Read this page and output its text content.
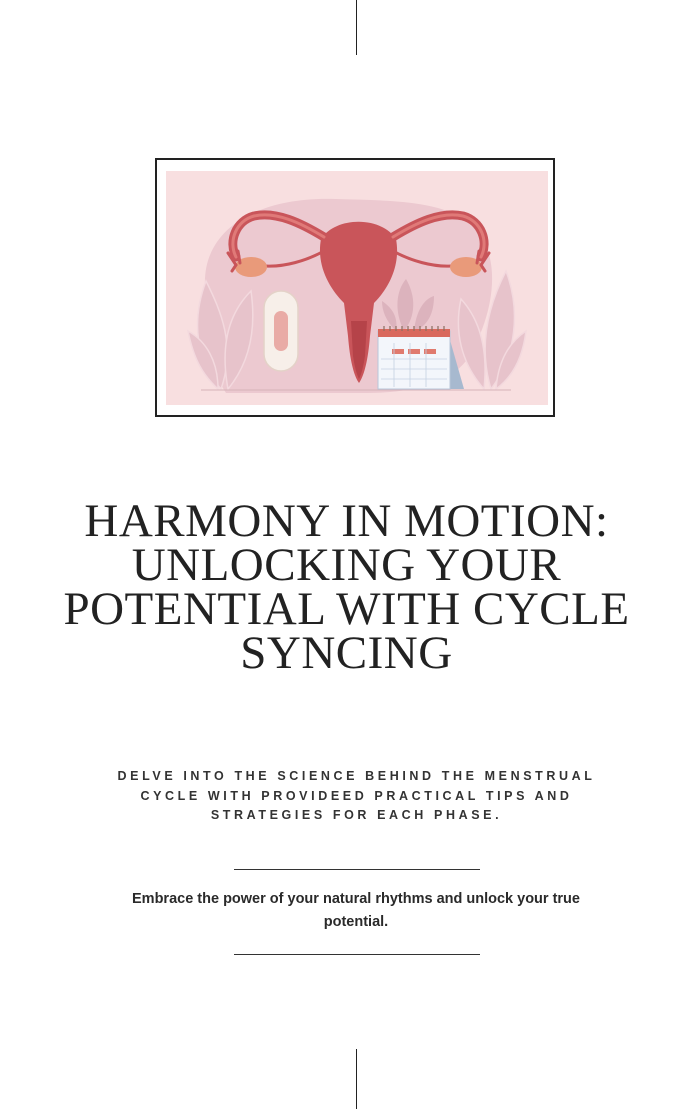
HARMONY IN MOTION: UNLOCKING YOUR POTENTIAL WITH CYCLE SYNCING

DELVE INTO THE SCIENCE BEHIND THE MENSTRUAL CYCLE WITH PROVIDEED PRACTICAL TIPS AND STRATEGIES FOR EACH PHASE.

Embrace the power of your natural rhythms and unlock your true potential.
